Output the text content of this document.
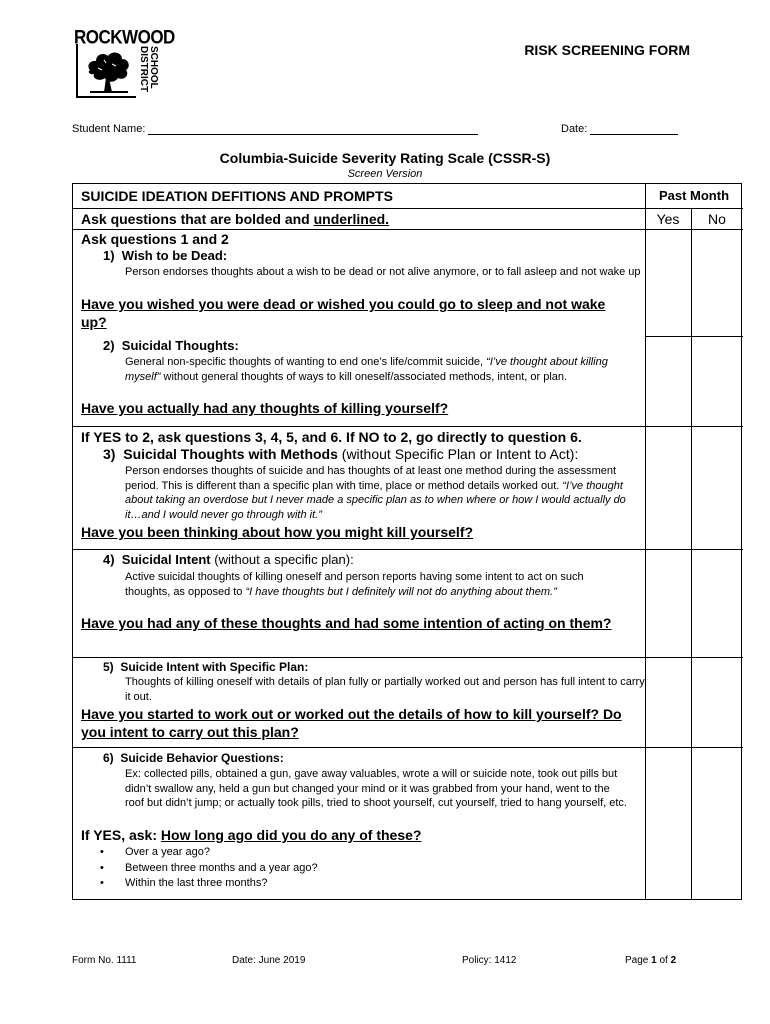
ROCKWOOD
SCHOOL DISTRICT	RISK SCREENING FORM
Student Name:	Date:
Columbia-Suicide Severity Rating Scale (CSSR-S)
Screen Version
SUICIDE IDEATION DEFITIONS AND PROMPTS	Past Month
Ask questions that are bolded and underlined.	Yes	No
Ask questions 1 and 2
1) Wish to be Dead:
Person endorses thoughts about a wish to be dead or not alive anymore, or to fall asleep and not wake up
Have you wished you were dead or wished you could go to sleep and not wake up?
2) Suicidal Thoughts:
General non-specific thoughts of wanting to end one’s life/commit suicide, “I’ve thought about killing myself” without general thoughts of ways to kill oneself/associated methods, intent, or plan.
Have you actually had any thoughts of killing yourself?
If YES to 2, ask questions 3, 4, 5, and 6. If NO to 2, go directly to question 6.
3) Suicidal Thoughts with Methods (without Specific Plan or Intent to Act):
Person endorses thoughts of suicide and has thoughts of at least one method during the assessment period. This is different than a specific plan with time, place or method details worked out. “I’ve thought about taking an overdose but I never made a specific plan as to when where or how I would actually do it…and I would never go through with it.”
Have you been thinking about how you might kill yourself?
4) Suicidal Intent (without a specific plan):
Active suicidal thoughts of killing oneself and person reports having some intent to act on such thoughts, as opposed to “I have thoughts but I definitely will not do anything about them.”
Have you had any of these thoughts and had some intention of acting on them?
5) Suicide Intent with Specific Plan:
Thoughts of killing oneself with details of plan fully or partially worked out and person has full intent to carry it out.
Have you started to work out or worked out the details of how to kill yourself? Do you intent to carry out this plan?
6) Suicide Behavior Questions:
Ex: collected pills, obtained a gun, gave away valuables, wrote a will or suicide note, took out pills but didn’t swallow any, held a gun but changed your mind or it was grabbed from your hand, went to the roof but didn’t jump; or actually took pills, tried to shoot yourself, cut yourself, tried to hang yourself, etc.
If YES, ask: How long ago did you do any of these?
• Over a year ago?
• Between three months and a year ago?
• Within the last three months?
Form No. 1111	Date: June 2019	Policy: 1412	Page 1 of 2
